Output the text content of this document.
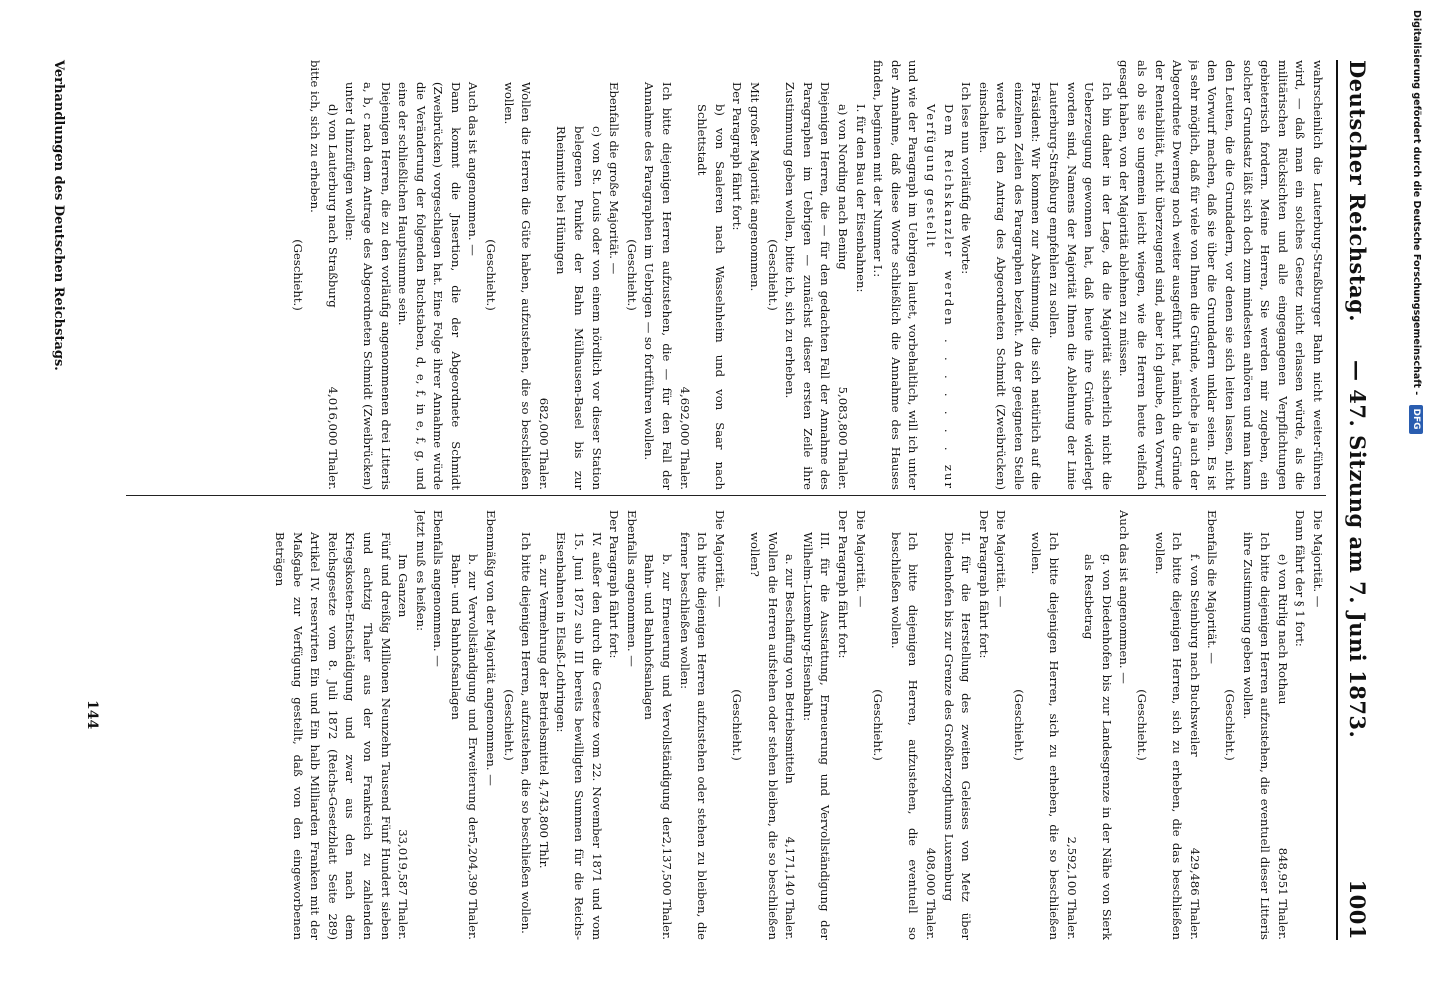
Deutscher Reichstag.
— 47. Sitzung am 7. Juni 1873.
1001

wahrscheinlich die Lauterburg-Straßburger Bahn nicht weiter-führen wird, — daß man ein solches Gesetz nicht erlassen würde, als die militärischen Rücksichten und alle eingegangenen Verpflichtungen gebieterisch fordern. Meine Herren, Sie werden mir zugeben, ein solcher Grundsatz läßt sich doch zum mindesten anhören und man kann den Leuten, die die Grundadern, vor denen sie sich leiten lassen, nicht den Vorwurf machen, daß sie über die Grundadern unklar seien. Es ist ja sehr möglich, daß für viele von Ihnen die Gründe, welche ja auch der Abgeordnete Dwerneg noch weiter ausgeführt hat, nämlich die Gründe der Rentabilität, nicht überzeugend sind, aber ich glaube, den Vorwurf, als ob sie so ungemein leicht wiegen, wie die Herren heute vielfach gesagt haben, von der Majorität ablehnen zu müssen.

Ich bin daher in der Lage, da die Majorität sicherlich nicht die Ueberzeugung gewonnen hat, daß heute ihre Gründe widerlegt worden sind, Namens der Majorität Ihnen die Ablehnung der Linie Lauterburg-Straßburg empfehlen zu sollen.

Präsident: Wir kommen zur Abstimmung, die sich natürlich auf die einzelnen Zeilen des Paragraphen bezieht. An der geeigneten Stelle werde ich den Antrag des Abgeordneten Schmidt (Zweibrücken) einschalten.

Ich lese nun vorläufig die Worte:

Dem Reichskanzler werden . . . . . . . zur Verfügung gestellt

und wie der Paragraph im Uebrigen lautet, vorbehaltlich, will ich unter der Annahme, daß diese Worte schließlich die Annahme des Hauses finden, beginnen mit der Nummer I.:

I. für den Bau der Eisenbahnen:

a) von Nording nach Bening
5,083,800 Thaler.

Diejenigen Herren, die — für den gedachten Fall der Annahme des Paragraphen im Uebrigen — zunächst dieser ersten Zeile ihre Zustimmung geben wollen, bitte ich, sich zu erheben.

(Geschieht.)

Mit großer Majorität angenommen.

Der Paragraph fährt fort:

b) von Saaleren nach Wasselnheim und von Saar nach Schlettstadt

4,692,000 Thaler.

Ich bitte diejenigen Herren aufzustehen, die — für den Fall der Annahme des Paragraphen im Uebrigen — so fortführen wollen.

(Geschieht.)

Ebenfalls die große Majorität. —

c) von St. Louis oder von einem nördlich vor dieser Station belegenen Punkte der Bahn Mülhausen-Basel bis zur Rheinmitte bei Hüningen

682,000 Thaler.

Wollen die Herren die Güte haben, aufzustehen, die so beschließen wollen.

(Geschieht.)

Auch das ist angenommen. —

Dann kommt die Jnsertion, die der Abgeordnete Schmidt (Zweibrücken) vorgeschlagen hat. Eine Folge ihrer Annahme würde die Veränderung der folgenden Buchstaben, d, e, f, in e, f, g, und eine der schließlichen Hauptsumme sein.

Diejenigen Herren, die zu den vorläufig angenommenen drei Litteris a, b, c nach dem Antrage des Abgeordneten Schmidt (Zweibrücken) unter d hinzufügen wollen:

d) von Lauterburg nach Straßburg
4,016,000 Thaler.

bitte ich, sich zu erheben.

(Geschieht.)

Die Majorität. —

Dann fährt der § 1 fort:

e) von Rirlig nach Rothau
848,951 Thaler.

Ich bitte diejenigen Herren aufzustehen, die eventuell dieser Litteris ihre Zustimmung geben wollen.

(Geschieht.)

Ebenfalls die Majorität. —

f. von Steinburg nach Buchsweiler
429,486 Thaler.

Ich bitte diejenigen Herren, sich zu erheben, die das beschließen wollen.

(Geschieht.)

Auch das ist angenommen. —

g. von Diedenhofen bis zur Landesgrenze in der Nähe von Sierk als Restbetrag

2,592,100 Thaler.

Ich bitte diejenigen Herren, sich zu erheben, die so beschließen wollen.

(Geschieht.)

Die Majorität. —

Der Paragraph fährt fort:

II. für die Herstellung des zweiten Geleises von Metz über Diedenhofen bis zur Grenze des Großherzogthums Luxemburg

408,000 Thaler.

Ich bitte diejenigen Herren, aufzustehen, die eventuell so beschließen wollen.

(Geschieht.)

Die Majorität. —

Der Paragraph fährt fort:

III. für die Ausstattung, Erneuerung und Vervollständigung der Wilhelm-Luxemburg-Eisenbahn:

a. zur Beschaffung von Betriebsmitteln
4,171,140 Thaler.

Wollen die Herren aufstehen oder stehen bleiben, die so beschließen wollen?

(Geschieht.)

Die Majorität. —

Ich bitte diejenigen Herren aufzustehen oder stehen zu bleiben, die ferner beschließen wollen:

b. zur Erneuerung und Vervollständigung der Bahn- und Bahnhofsanlagen
2,137,500 Thaler.

Ebenfalls angenommen. —

Der Paragraph fährt fort:

IV. außer den durch die Gesetze vom 22. November 1871 und vom 15. Juni 1872 sub III bereits bewilligten Summen für die Reichs-Eisenbahnen in Elsaß-Lothringen:

a. zur Vermehrung der Betriebsmittel 4,743,800 Thlr.

Ich bitte diejenigen Herren, aufzustehen, die so beschließen wollen.

(Geschieht.)

Ebenmäßig von der Majorität angenommen. —

b. zur Vervollständigung und Erweiterung der Bahn- und Bahnhofsanlagen
5,204,390 Thaler.

Ebenfalls angenommen. —

Jetzt muß es heißen:

Im Ganzen
33,019,587 Thaler.

Fünf und dreißig Millionen Neunzehn Tausend Fünf Hundert sieben und achtzig Thaler aus der von Frankreich zu zahlenden Kriegskosten-Entschädigung und zwar aus den nach dem Reichsgesetze vom 8. Juli 1872 (Reichs-Gesetzblatt Seite 289) Artikel IV. reservirten Ein und Ein halb Milliarden Franken mit der Maßgabe zur Verfügung gestellt, daß von den eingeworbenen Beträgen

Verhandlungen des Deutschen Reichstags.
144
Digitalisierung gefördert durch die Deutsche Forschungsgemeinschaft - DFG
